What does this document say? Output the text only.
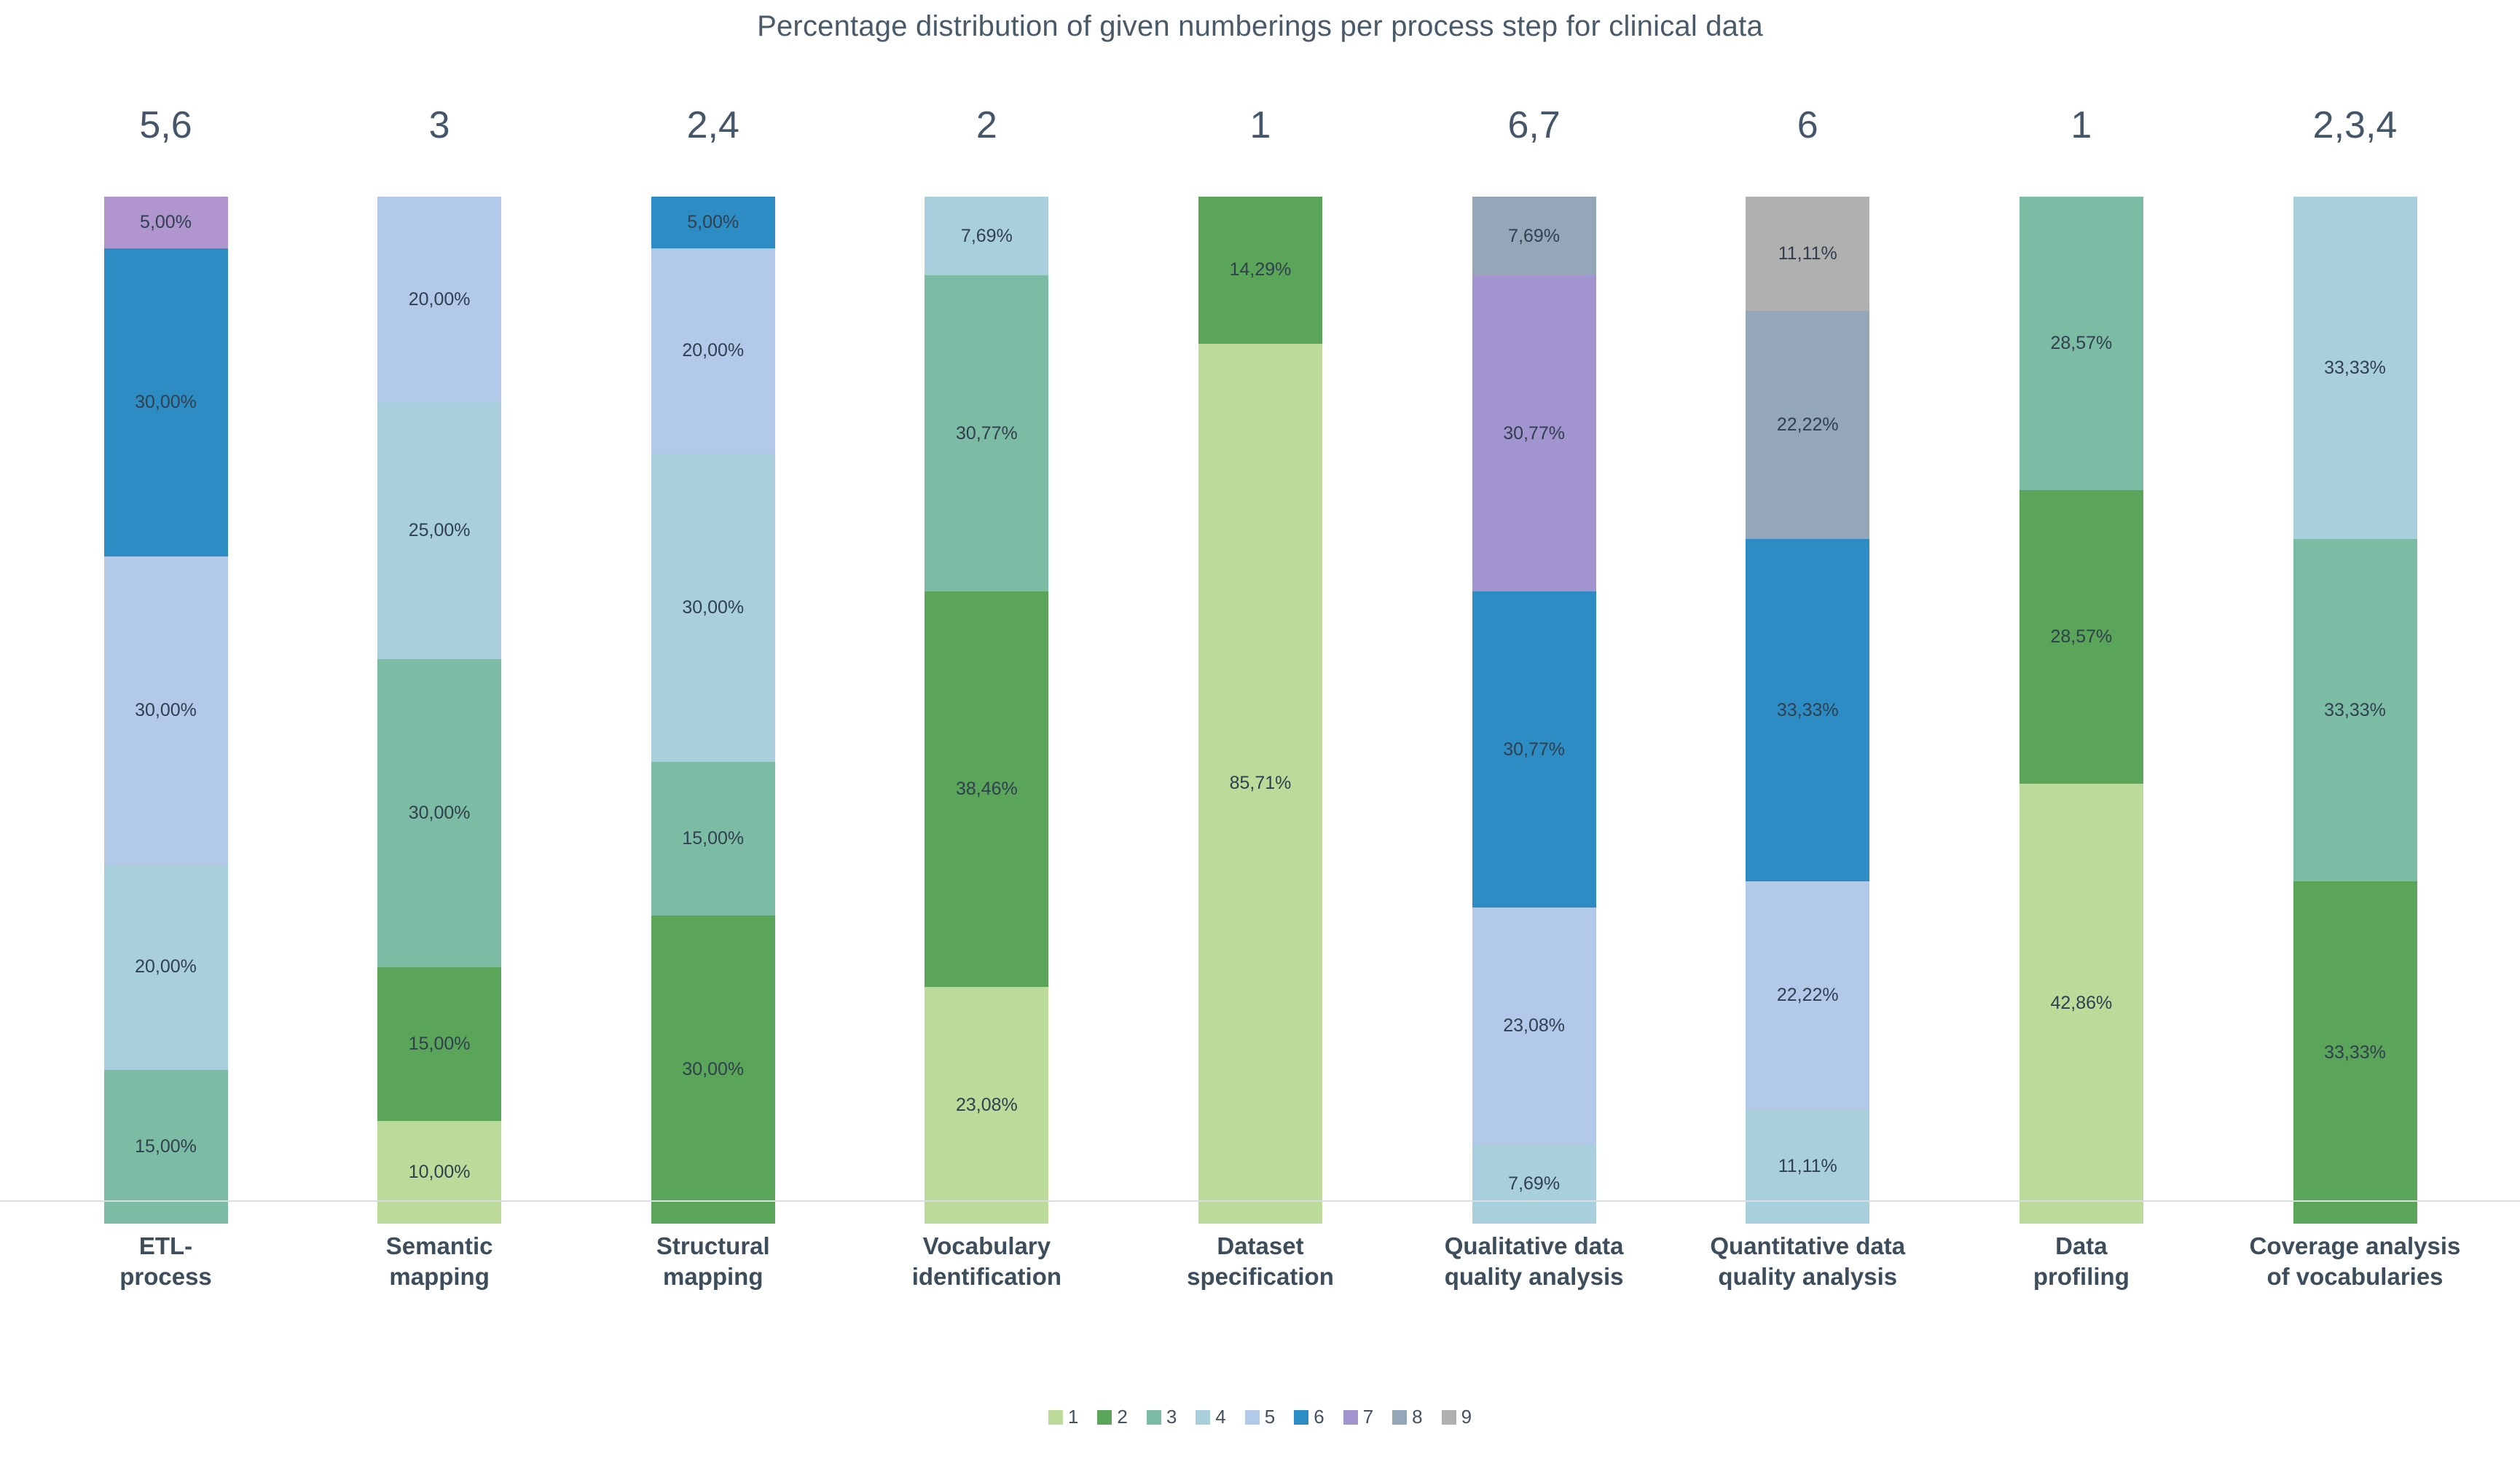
Percentage distribution of given numberings per process step for clinical data
5,6
5,00%
30,00%
30,00%
20,00%
15,00%
3
20,00%
25,00%
30,00%
15,00%
10,00%
2,4
5,00%
20,00%
30,00%
15,00%
30,00%
2
7,69%
30,77%
38,46%
23,08%
1
14,29%
85,71%
6,7
7,69%
30,77%
30,77%
23,08%
7,69%
6
11,11%
22,22%
33,33%
22,22%
11,11%
1
28,57%
28,57%
42,86%
2,3,4
33,33%
33,33%
33,33%
ETL-
process
Semantic
mapping
Structural
mapping
Vocabulary
identification
Dataset
specification
Qualitative data
quality analysis
Quantitative data
quality analysis
Data
profiling
Coverage analysis
of vocabularies
1 2 3 4 5 6 7 8 9
